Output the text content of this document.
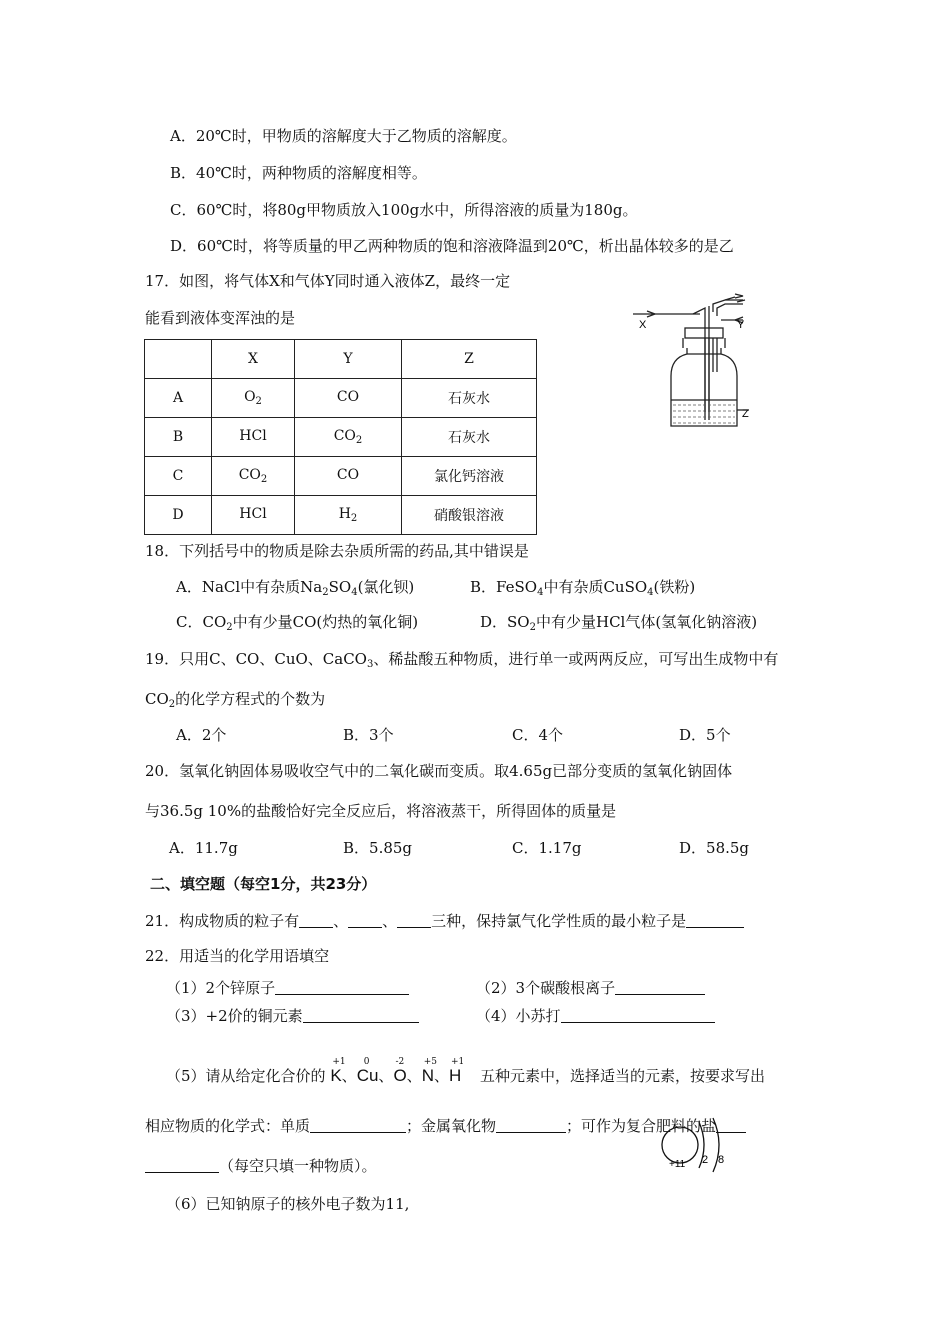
A．20℃时，甲物质的溶解度大于乙物质的溶解度。
B．40℃时，两种物质的溶解度相等。
C．60℃时，将80g甲物质放入100g水中，所得溶液的质量为180g。
D．60℃时，将等质量的甲乙两种物质的饱和溶液降温到20℃，析出晶体较多的是乙
17．如图，将气体X和气体Y同时通入液体Z，最终一定
能看到液体变浑浊的是
	X	Y	Z
A	$O_2$	CO	石灰水
B	HCl	$CO_2$	石灰水
C	$CO_2$	CO	氯化钙溶液
D	HCl	$H_2$	硝酸银溶液
X	Y
Z
18．下列括号中的物质是除去杂质所需的药品,其中错误是
A．NaCl中有杂质$Na_2SO_4$(氯化钡)	B．FeSO$_4$中有杂质CuSO$_4$(铁粉)
C．$CO_2$中有少量CO(灼热的氧化铜)	D．$SO_2$中有少量HCl气体(氢氧化钠溶液)
19．只用C、CO、CuO、CaCO$_3$、稀盐酸五种物质，进行单一或两两反应，可写出生成物中有
$CO_2$的化学方程式的个数为
A．2个	B．3个	C．4个	D．5个
20．氢氧化钠固体易吸收空气中的二氧化碳而变质。取4.65g已部分变质的氢氧化钠固体
与36.5g 10%的盐酸恰好完全反应后，将溶液蒸干，所得固体的质量是
A．11.7g	B．5.85g	C．1.17g	D．58.5g
二、填空题（每空1分，共23分）
21．构成物质的粒子有 、 、 三种，保持氯气化学性质的最小粒子是
22．用适当的化学用语填空
（1）2个锌原子	（2）3个碳酸根离子
（3）+2价的铜元素	（4）小苏打
（5）请从给定化合价的
+1
K、
0
Cu、
-2
O、
+5
N、
+1
H 五种元素中，选择适当的元素，按要求写出
相应物质的化学式：单质	；金属氧化物	；可作为复合肥料的盐
（每空只填一种物质）。	+11 2 8
（6）已知钠原子的核外电子数为11,
